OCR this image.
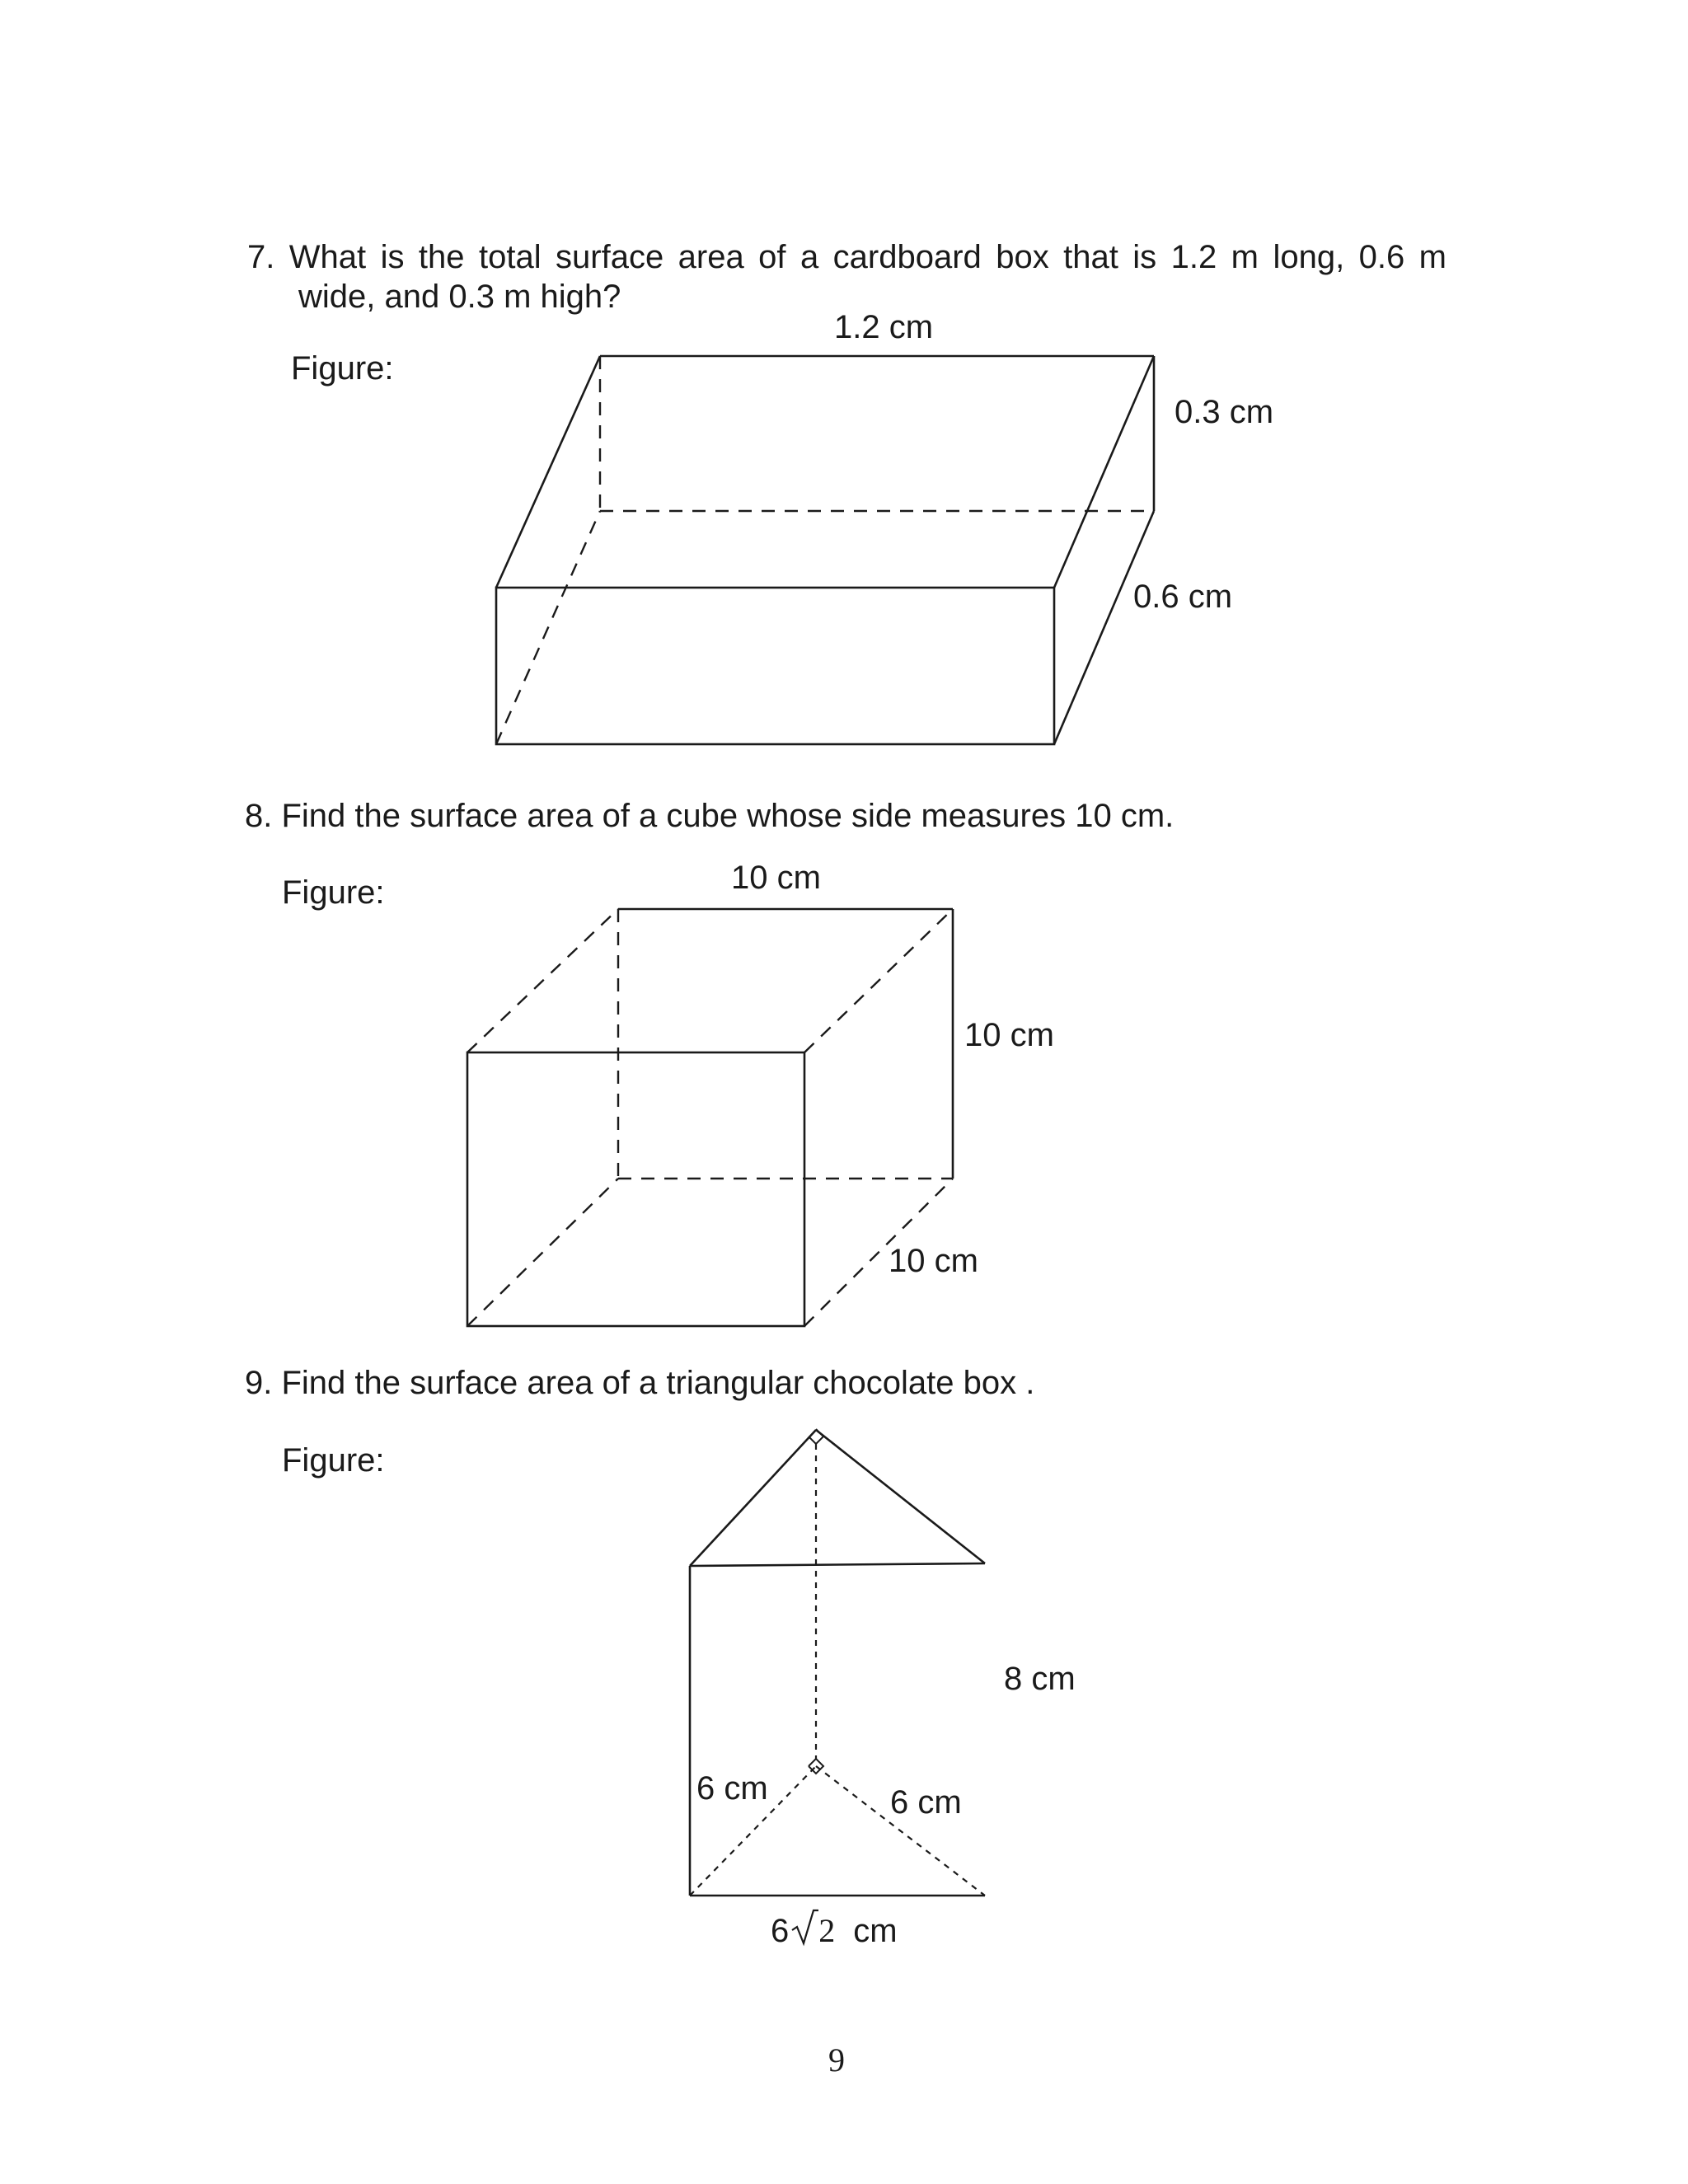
7. What is the total surface area of a cardboard box that is 1.2 m long, 0.6 m
wide, and 0.3 m high?
Figure:
1.2 cm
0.3 cm
0.6 cm
8. Find the surface area of a cube whose side measures 10 cm.
Figure:	10 cm
10 cm
10 cm
9. Find the surface area of a triangular chocolate box .
Figure:
8 cm
6 cm	6 cm
6 2 cm
9
